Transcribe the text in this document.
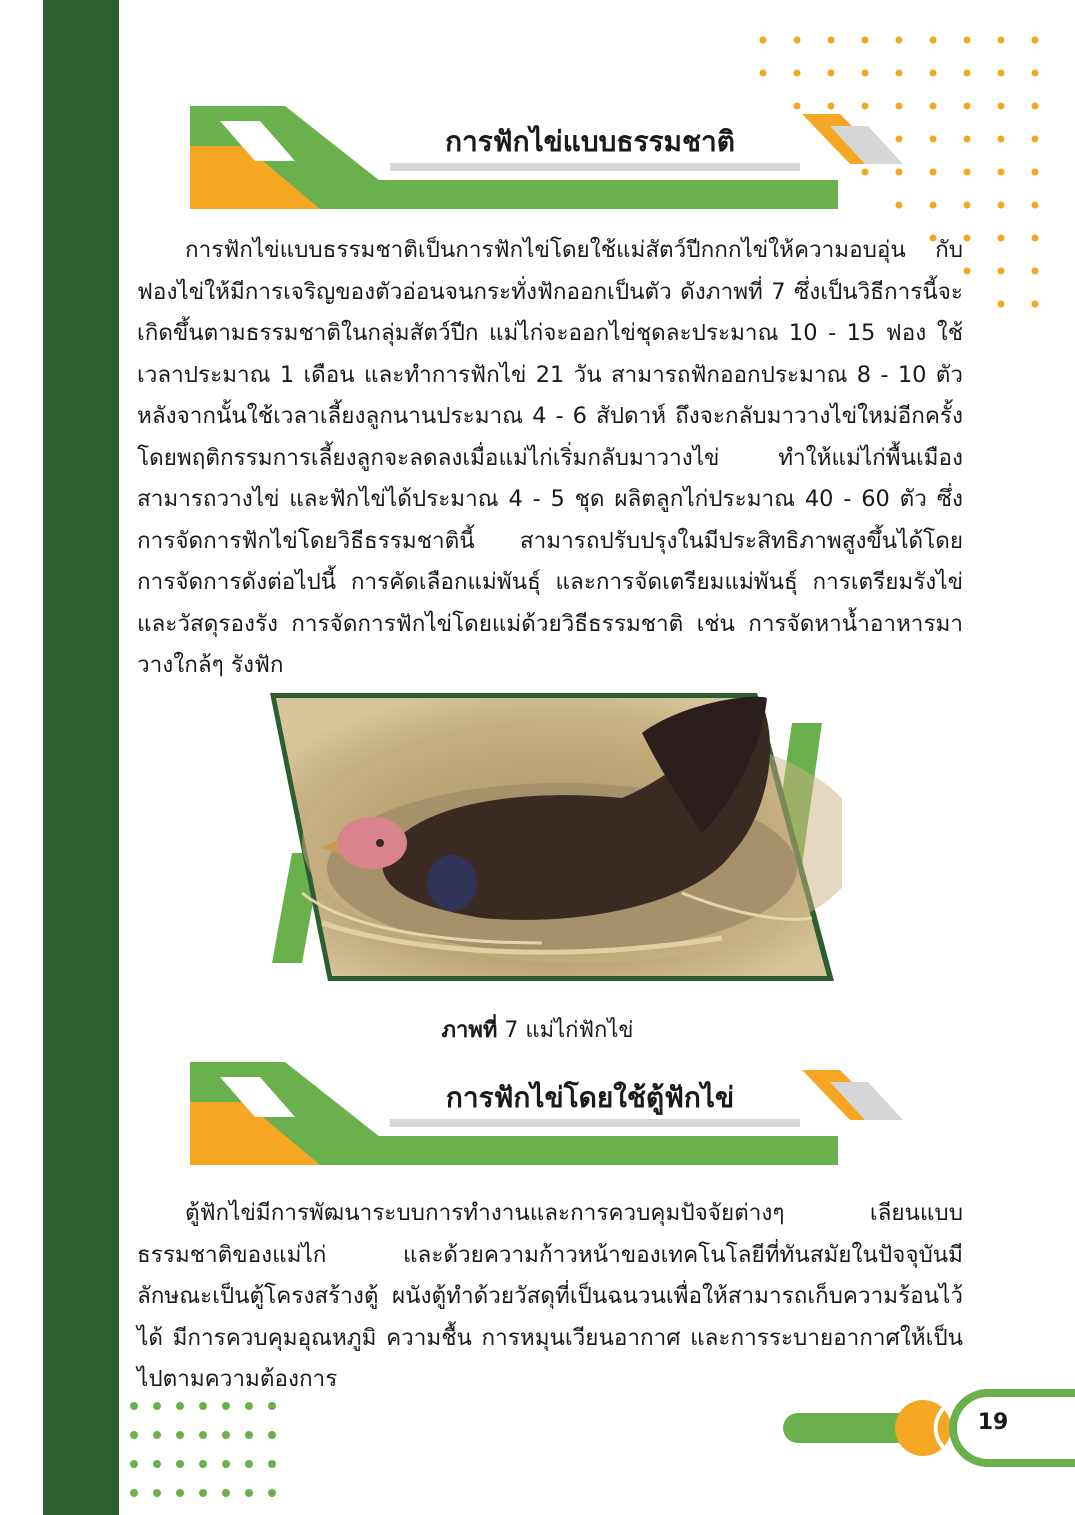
การฟักไข่แบบธรรมชาติ
การฟักไข่แบบธรรมชาติเป็นการฟักไข่โดยใช้แม่สัตว์ปีกกกไข่ให้ความอบอุ่น กับฟองไข่ให้มีการเจริญของตัวอ่อนจนกระทั่งฟักออกเป็นตัว ดังภาพที่ 7 ซึ่งเป็นวิธีการนี้จะเกิดขึ้นตามธรรมชาติในกลุ่มสัตว์ปีก แม่ไก่จะออกไข่ชุดละประมาณ 10 - 15 ฟอง ใช้เวลาประมาณ 1 เดือน และทำการฟักไข่ 21 วัน สามารถฟักออกประมาณ 8 - 10 ตัว หลังจากนั้นใช้เวลาเลี้ยงลูกนานประมาณ 4 - 6 สัปดาห์ ถึงจะกลับมาวางไข่ใหม่อีกครั้ง โดยพฤติกรรมการเลี้ยงลูกจะลดลงเมื่อแม่ไก่เริ่มกลับมาวางไข่ ทำให้แม่ไก่พื้นเมืองสามารถวางไข่ และฟักไข่ได้ประมาณ 4 - 5 ชุด ผลิตลูกไก่ประมาณ 40 - 60 ตัว ซึ่งการจัดการฟักไข่โดยวิธีธรรมชาตินี้ สามารถปรับปรุงในมีประสิทธิภาพสูงขึ้นได้โดยการจัดการดังต่อไปนี้ การคัดเลือกแม่พันธุ์ และการจัดเตรียมแม่พันธุ์ การเตรียมรังไข่และวัสดุรองรัง การจัดการฟักไข่โดยแม่ด้วยวิธีธรรมชาติ เช่น การจัดหาน้ำอาหารมาวางใกล้ๆ รังฟัก
ภาพที่ 7 แม่ไก่ฟักไข่
การฟักไข่โดยใช้ตู้ฟักไข่
ตู้ฟักไข่มีการพัฒนาระบบการทำงานและการควบคุมปัจจัยต่างๆ เลียนแบบธรรมชาติของแม่ไก่ และด้วยความก้าวหน้าของเทคโนโลยีที่ทันสมัยในปัจจุบันมีลักษณะเป็นตู้โครงสร้างตู้ ผนังตู้ทำด้วยวัสดุที่เป็นฉนวนเพื่อให้สามารถเก็บความร้อนไว้ได้ มีการควบคุมอุณหภูมิ ความชื้น การหมุนเวียนอากาศ และการระบายอากาศให้เป็นไปตามความต้องการ
19
